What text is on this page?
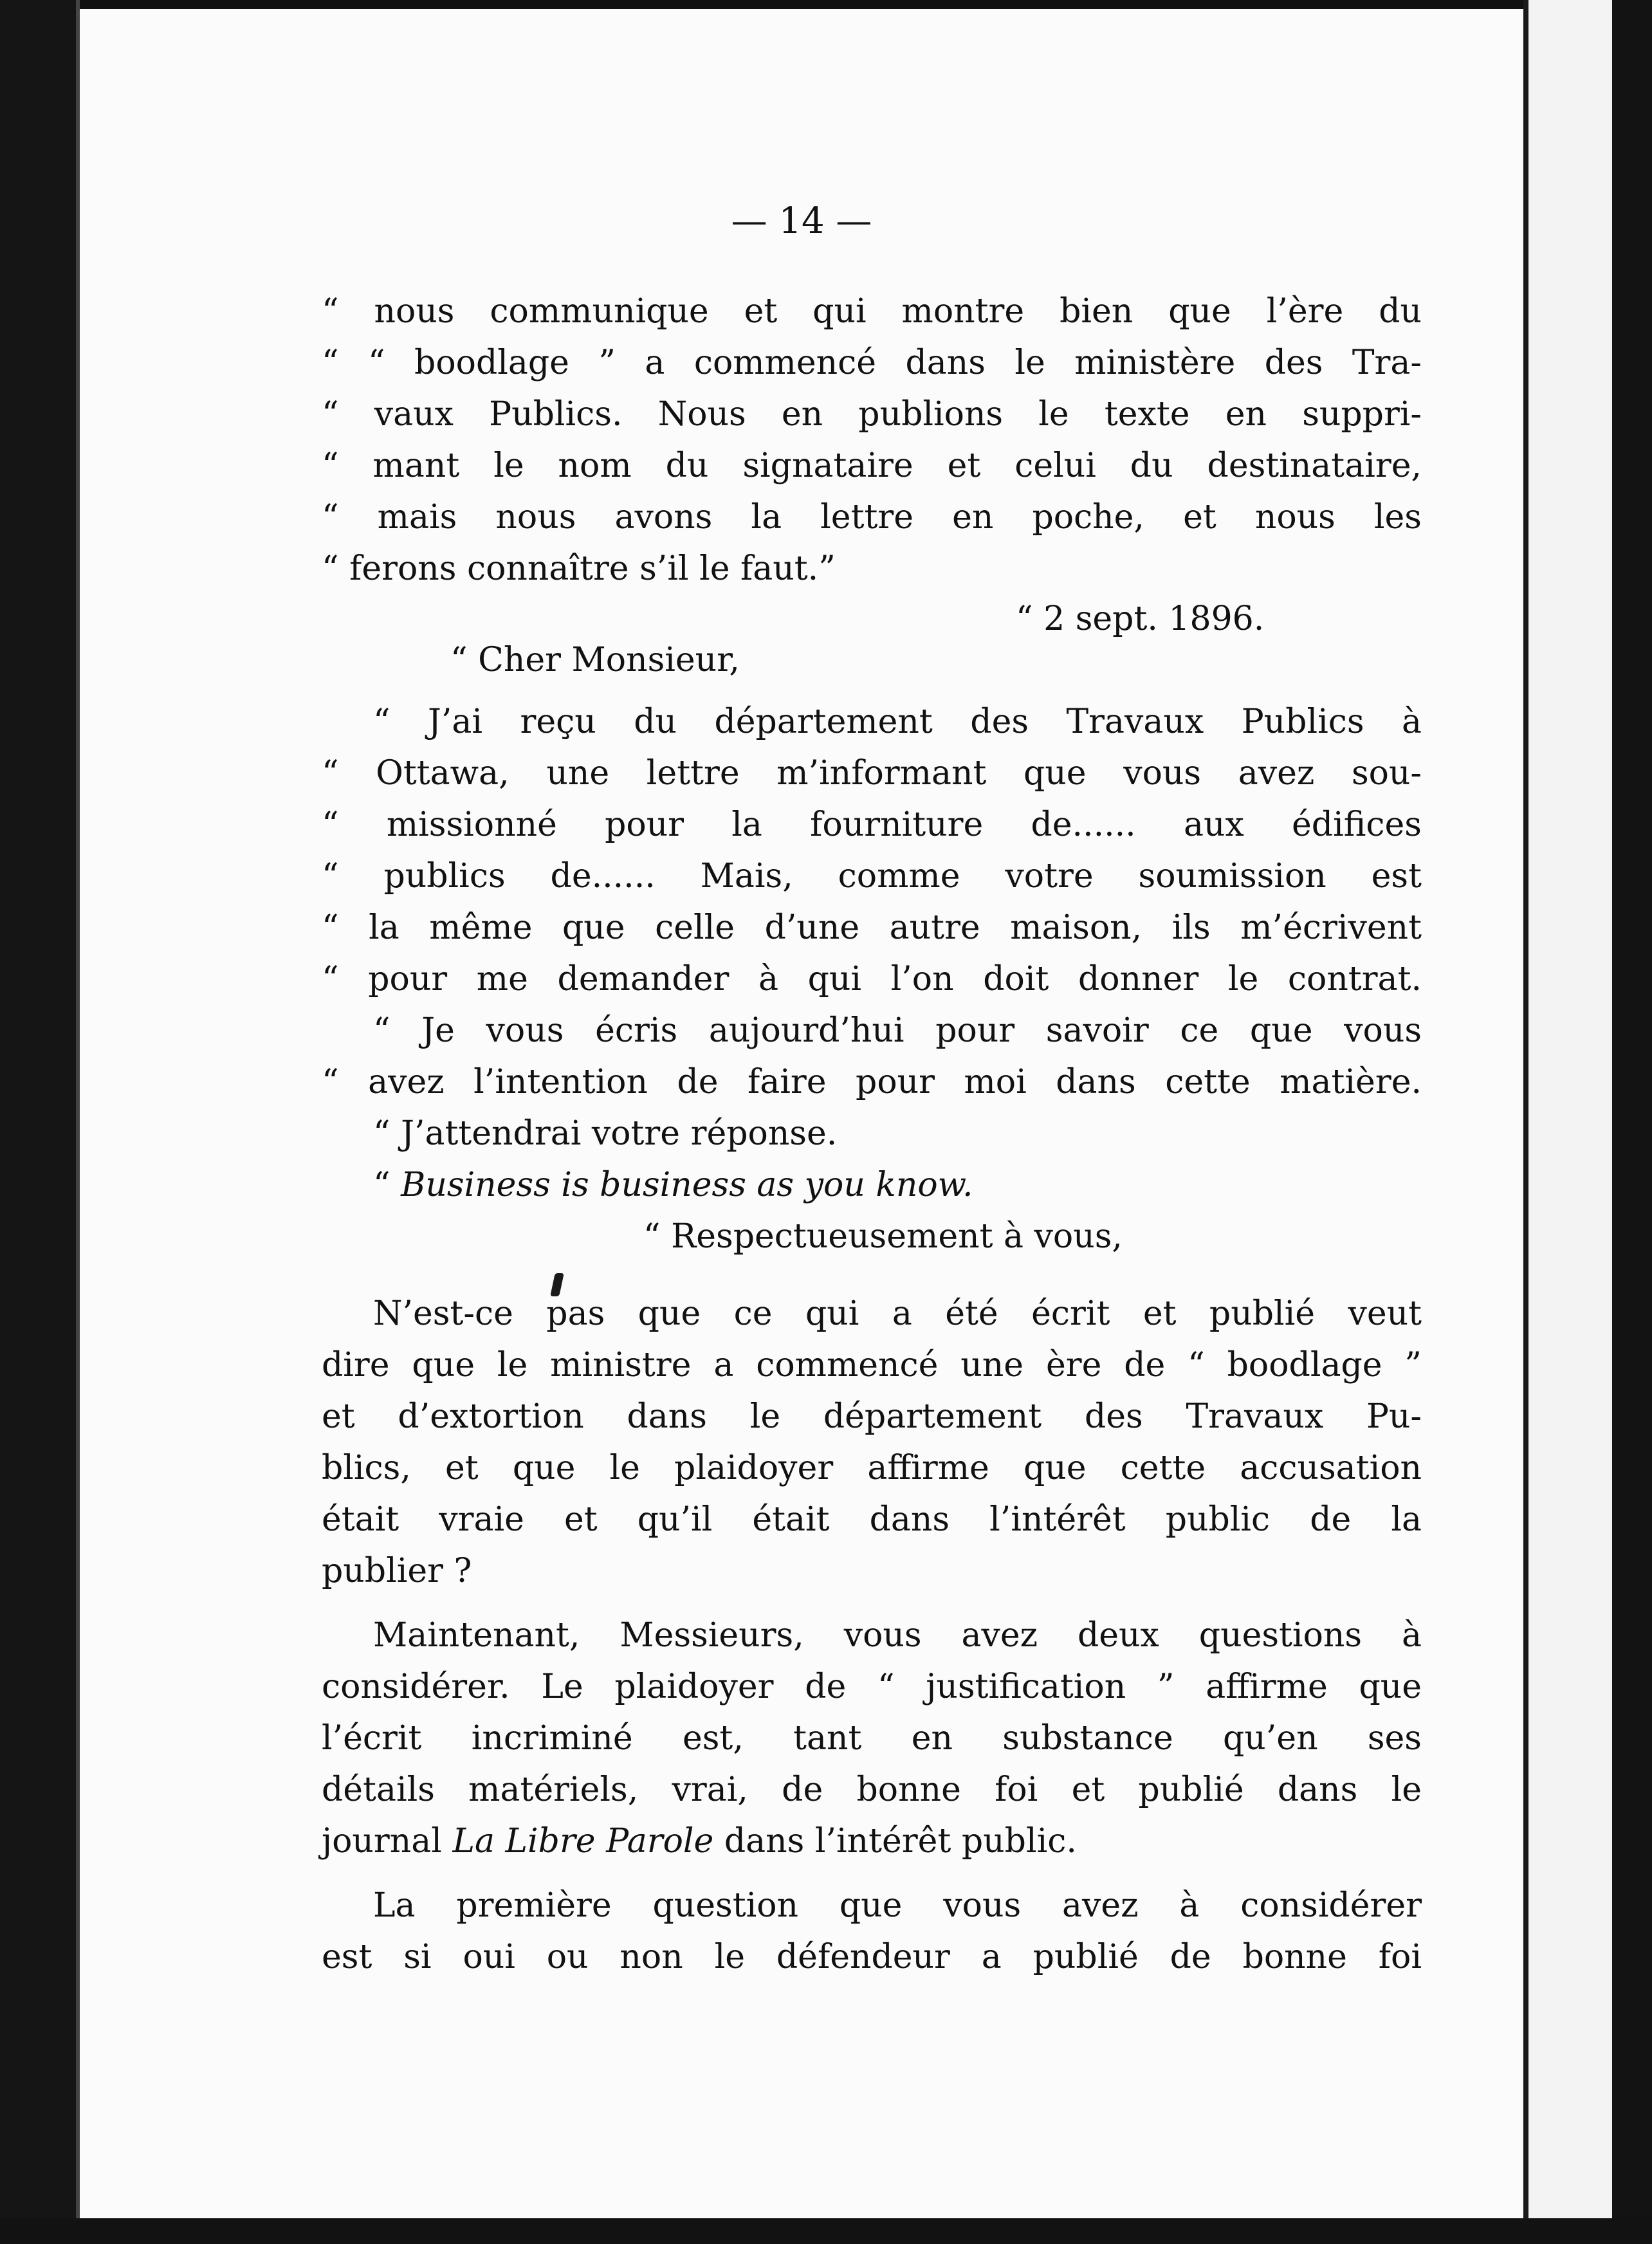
— 14 —
“ nous communique et qui montre bien que l’ère du
“ “ boodlage ” a commencé dans le ministère des Tra-
“ vaux Publics. Nous en publions le texte en suppri-
“ mant le nom du signataire et celui du destinataire,
“ mais nous avons la lettre en poche, et nous les
“ ferons connaître s’il le faut.”
“ 2 sept. 1896.
“ Cher Monsieur,
“ J’ai reçu du département des Travaux Publics à
“ Ottawa, une lettre m’informant que vous avez sou-
“ missionné pour la fourniture de...... aux édifices
“ publics de...... Mais, comme votre soumission est
“ la même que celle d’une autre maison, ils m’écrivent
“ pour me demander à qui l’on doit donner le contrat.
“ Je vous écris aujourd’hui pour savoir ce que vous
“ avez l’intention de faire pour moi dans cette matière.
“ J’attendrai votre réponse.
“ Business is business as you know.
“ Respectueusement à vous,
N’est-ce pas que ce qui a été écrit et publié veut
dire que le ministre a commencé une ère de “ boodlage ”
et d’extortion dans le département des Travaux Pu-
blics, et que le plaidoyer affirme que cette accusation
était vraie et qu’il était dans l’intérêt public de la
publier ?
Maintenant, Messieurs, vous avez deux questions à
considérer. Le plaidoyer de “ justification ” affirme que
l’écrit incriminé est, tant en substance qu’en ses
détails matériels, vrai, de bonne foi et publié dans le
journal La Libre Parole dans l’intérêt public.
La première question que vous avez à considérer
est si oui ou non le défendeur a publié de bonne foi
